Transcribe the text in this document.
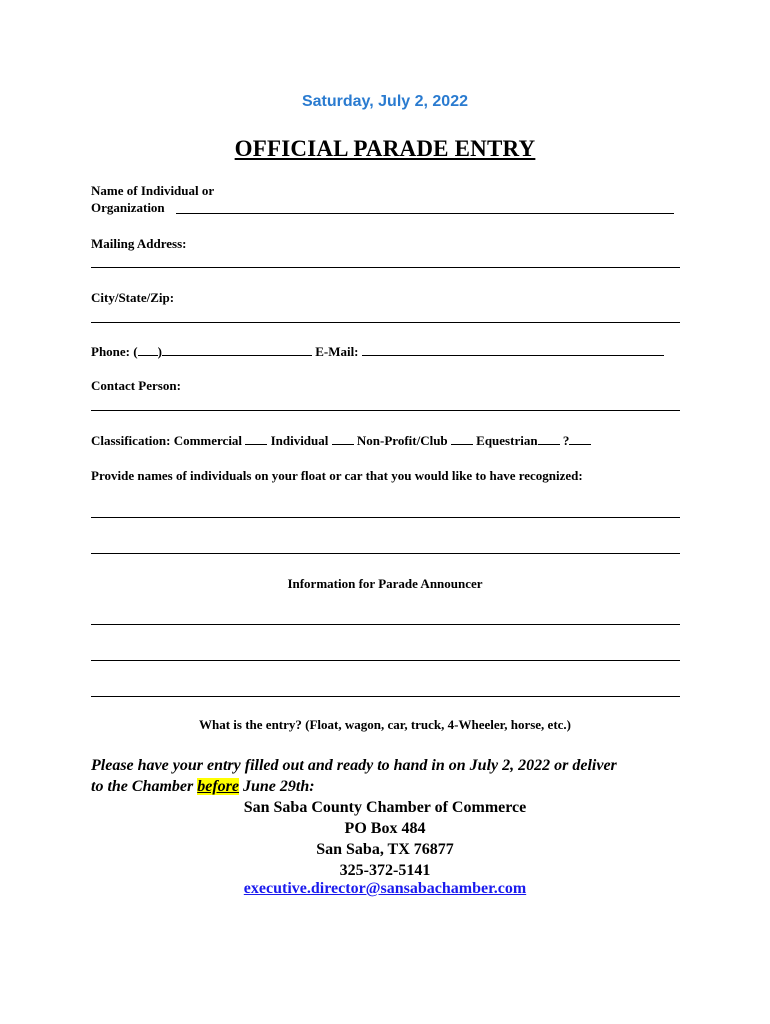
Saturday, July 2, 2022
OFFICIAL PARADE ENTRY
Name of Individual or
Organization
Mailing Address:
City/State/Zip:
Phone: ( )	E-Mail:
Contact Person:
Classification: Commercial Individual Non-Profit/Club Equestrian ?
Provide names of individuals on your float or car that you would like to have recognized:
Information for Parade Announcer
What is the entry? (Float, wagon, car, truck, 4-Wheeler, horse, etc.)
Please have your entry filled out and ready to hand in on July 2, 2022 or deliver
to the Chamber before June 29th:
San Saba County Chamber of Commerce
PO Box 484
San Saba, TX 76877
325-372-5141
executive.director@sansabachamber.com
